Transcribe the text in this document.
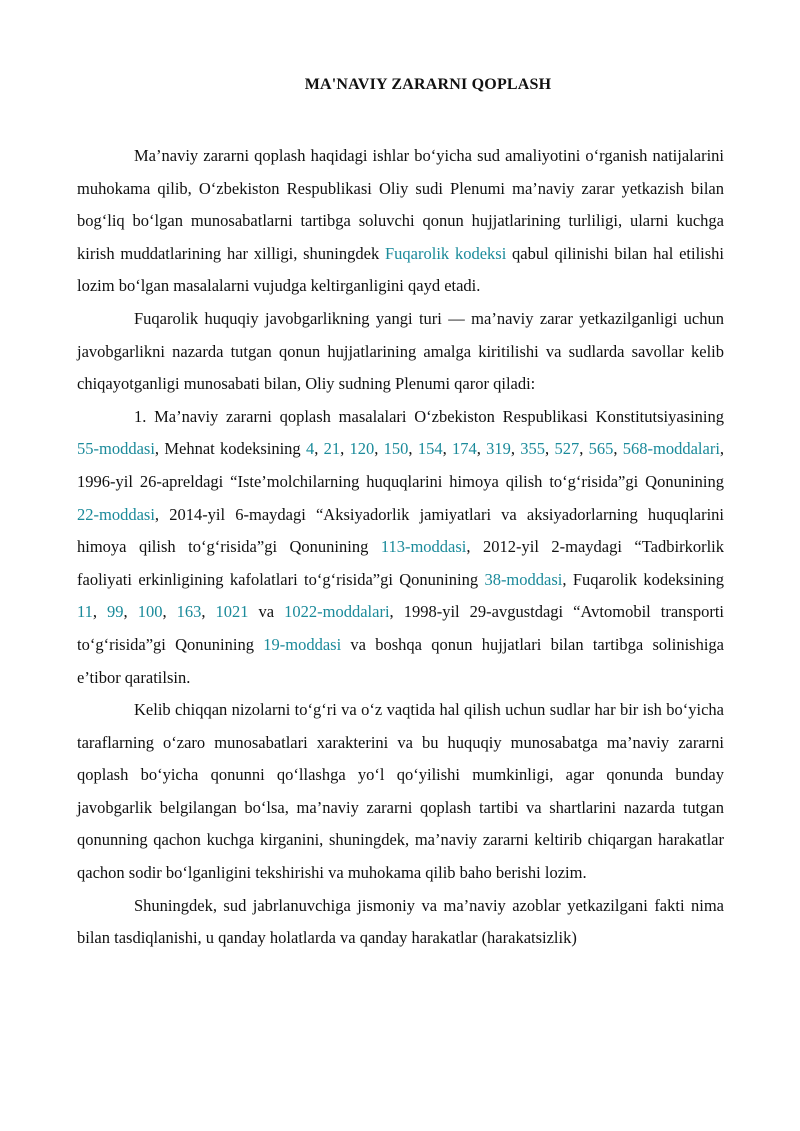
MA'NAVIY ZARARNI QOPLASH

Ma’naviy zararni qoplash haqidagi ishlar bo‘yicha sud amaliyotini o‘rganish natijalarini muhokama qilib, O‘zbekiston Respublikasi Oliy sudi Plenumi ma’naviy zarar yetkazish bilan bog‘liq bo‘lgan munosabatlarni tartibga soluvchi qonun hujjatlarining turliligi, ularni kuchga kirish muddatlarining har xilligi, shuningdek Fuqarolik kodeksi qabul qilinishi bilan hal etilishi lozim bo‘lgan masalalarni vujudga keltirganligini qayd etadi.

Fuqarolik huquqiy javobgarlikning yangi turi — ma’naviy zarar yetkazilganligi uchun javobgarlikni nazarda tutgan qonun hujjatlarining amalga kiritilishi va sudlarda savollar kelib chiqayotganligi munosabati bilan, Oliy sudning Plenumi qaror qiladi:

1. Ma’naviy zararni qoplash masalalari O‘zbekiston Respublikasi Konstitutsiyasining 55-moddasi, Mehnat kodeksining 4, 21, 120, 150, 154, 174, 319, 355, 527, 565, 568-moddalari, 1996-yil 26-apreldagi “Iste’molchilarning huquqlarini himoya qilish to‘g‘risida”gi Qonunining 22-moddasi, 2014-yil 6-maydagi “Aksiyadorlik jamiyatlari va aksiyadorlarning huquqlarini himoya qilish to‘g‘risida”gi Qonunining 113-moddasi, 2012-yil 2-maydagi “Tadbirkorlik faoliyati erkinligining kafolatlari to‘g‘risida”gi Qonunining 38-moddasi, Fuqarolik kodeksining 11, 99, 100, 163, 1021 va 1022-moddalari, 1998-yil 29-avgustdagi “Avtomobil transporti to‘g‘risida”gi Qonunining 19-moddasi va boshqa qonun hujjatlari bilan tartibga solinishiga e’tibor qaratilsin.

Kelib chiqqan nizolarni to‘g‘ri va o‘z vaqtida hal qilish uchun sudlar har bir ish bo‘yicha taraflarning o‘zaro munosabatlari xarakterini va bu huquqiy munosabatga ma’naviy zararni qoplash bo‘yicha qonunni qo‘llashga yo‘l qo‘yilishi mumkinligi, agar qonunda bunday javobgarlik belgilangan bo‘lsa, ma’naviy zararni qoplash tartibi va shartlarini nazarda tutgan qonunning qachon kuchga kirganini, shuningdek, ma’naviy zararni keltirib chiqargan harakatlar qachon sodir bo‘lganligini tekshirishi va muhokama qilib baho berishi lozim.

Shuningdek, sud jabrlanuvchiga jismoniy va ma’naviy azoblar yetkazilgani fakti nima bilan tasdiqlanishi, u qanday holatlarda va qanday harakatlar (harakatsizlik)
